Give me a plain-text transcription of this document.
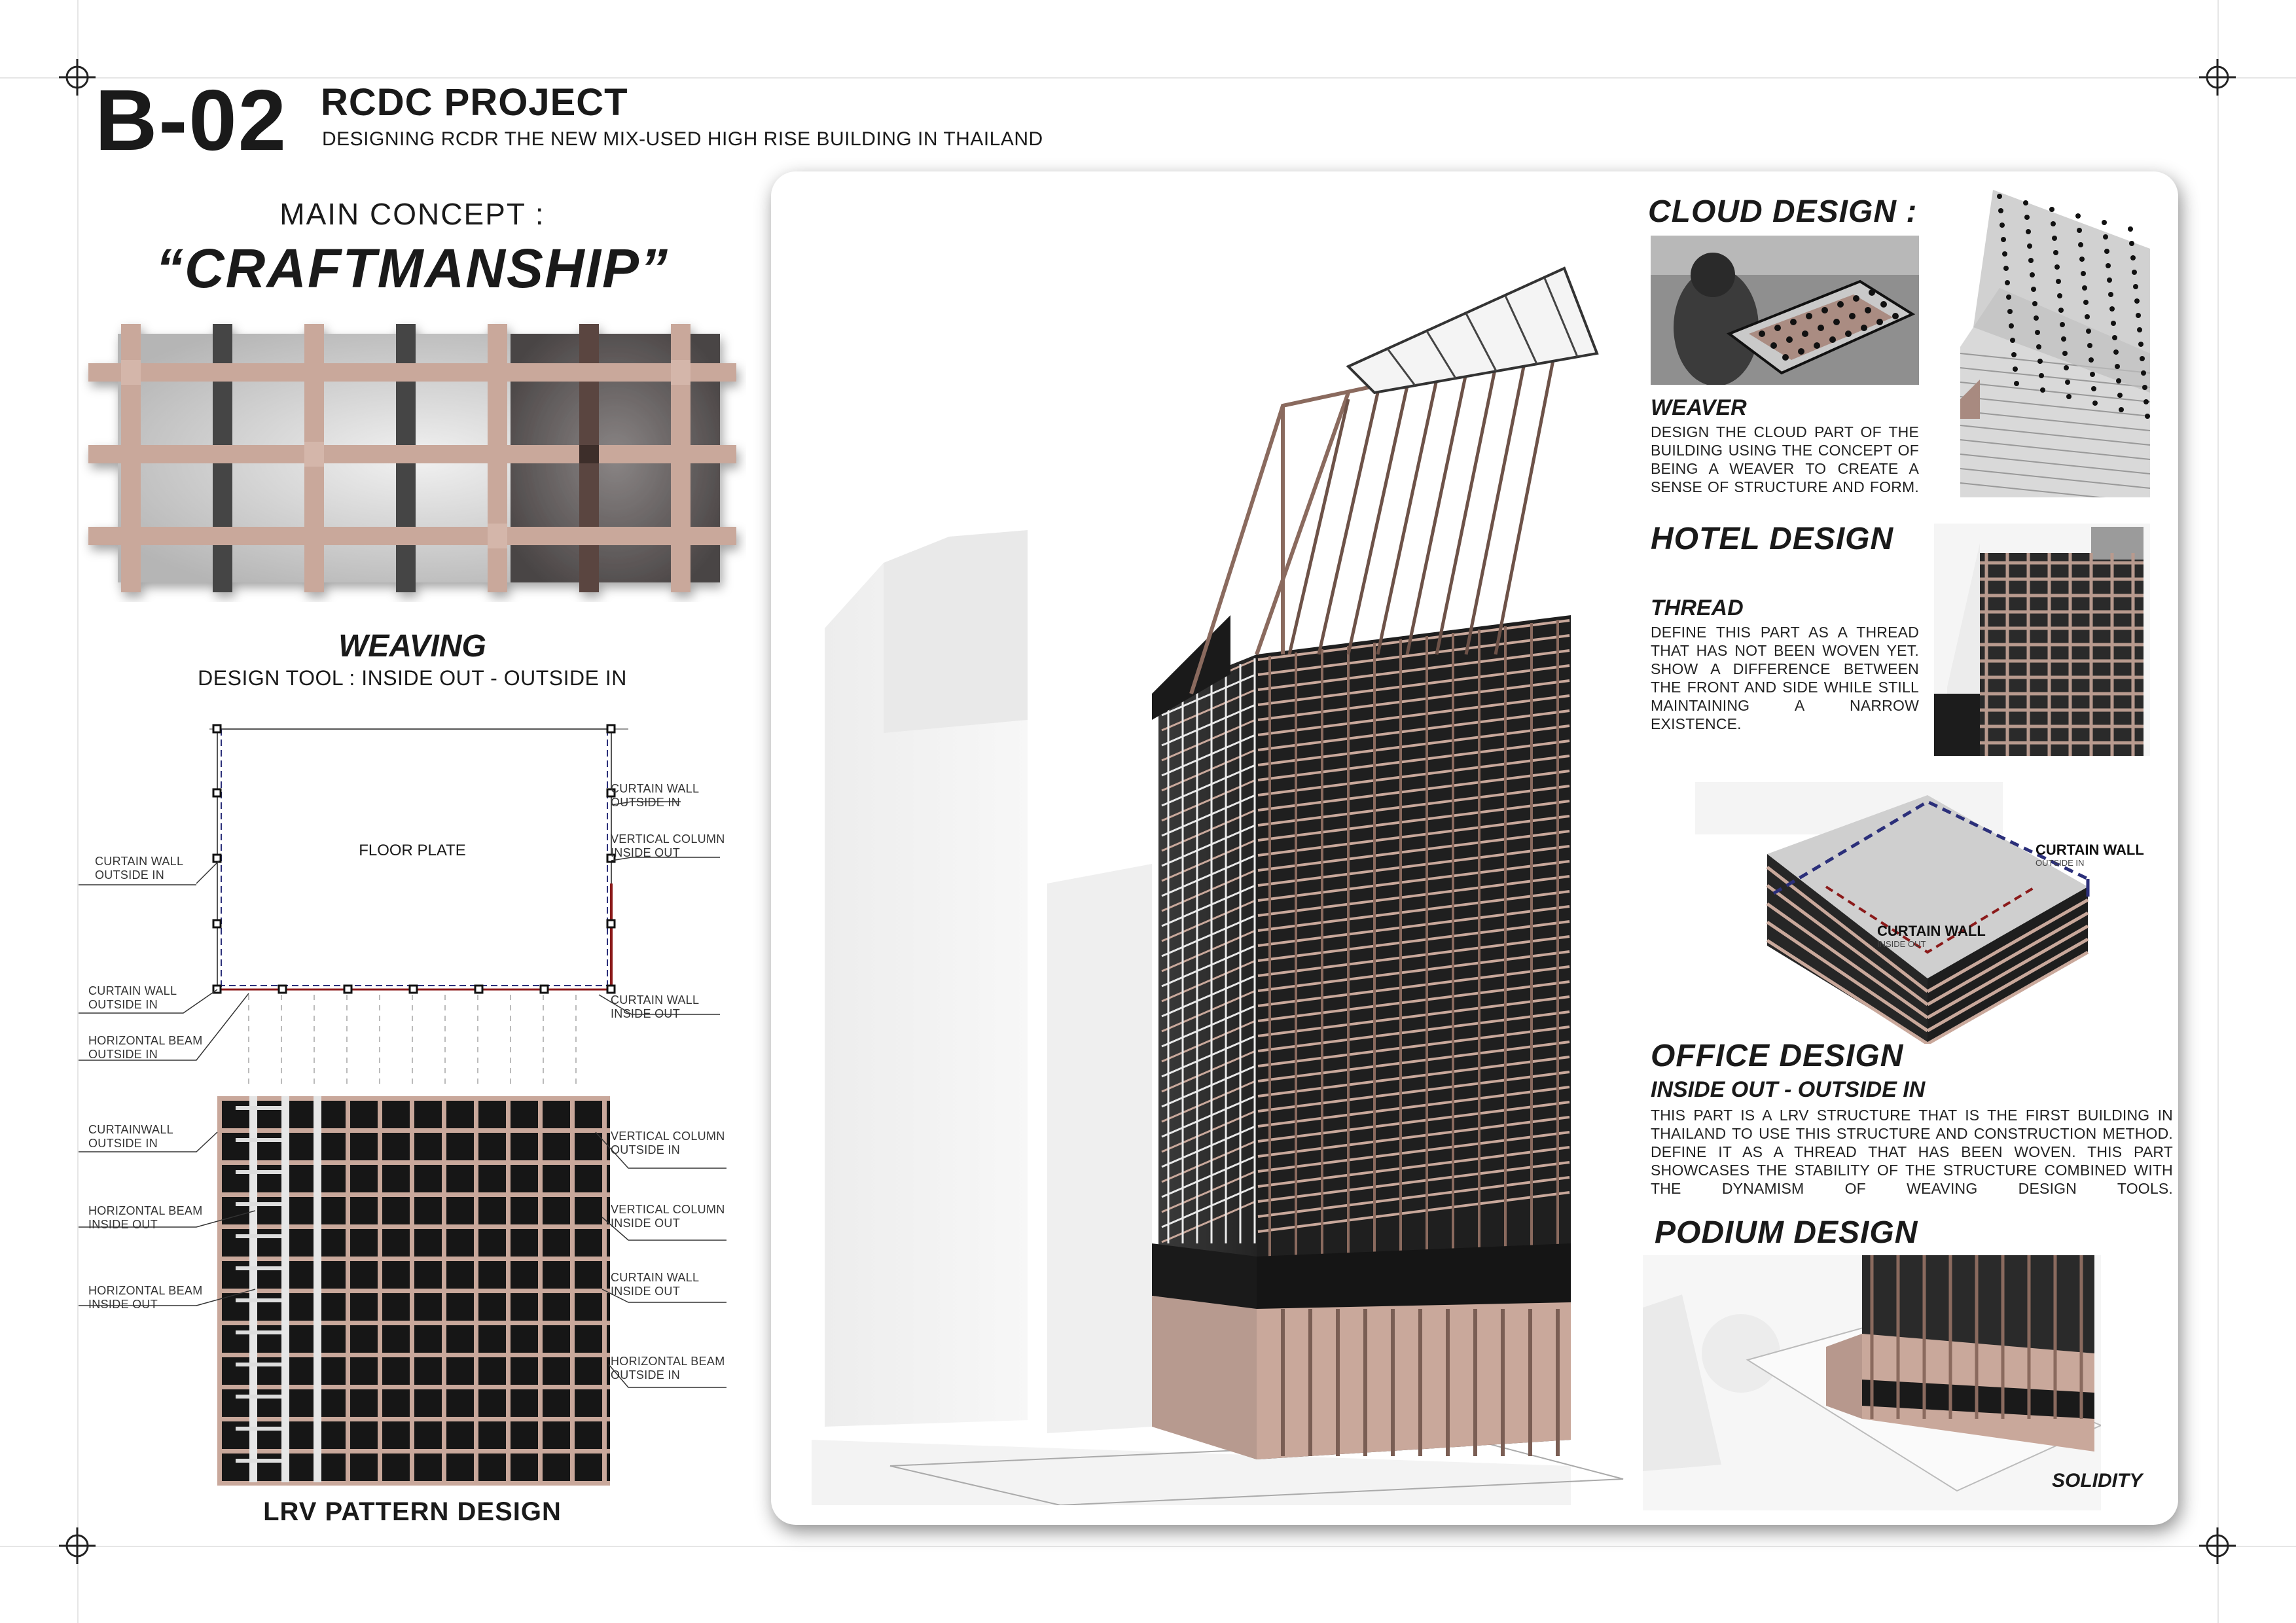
B-02 RCDC PROJECT
DESIGNING RCDR THE NEW MIX-USED HIGH RISE BUILDING IN THAILAND
MAIN CONCEPT :
“CRAFTMANSHIP”
WEAVING
DESIGN TOOL : INSIDE OUT - OUTSIDE IN
FLOOR PLATE
CURTAIN WALL
OUTSIDE IN
VERTICAL COLUMN
INSIDE OUT
CURTAIN WALL
OUTSIDE IN
CURTAIN WALL
OUTSIDE IN
HORIZONTAL BEAM
OUTSIDE IN
CURTAIN WALL
INSIDE OUT
CURTAINWALL
OUTSIDE IN
HORIZONTAL BEAM
INSIDE OUT
HORIZONTAL BEAM
INSIDE OUT
VERTICAL COLUMN
OUTSIDE IN
VERTICAL COLUMN
INSIDE OUT
CURTAIN WALL
INSIDE OUT
HORIZONTAL BEAM
OUTSIDE IN
LRV PATTERN DESIGN
CLOUD DESIGN :
WEAVER
DESIGN THE CLOUD PART OF THE BUILDING USING THE CONCEPT OF BEING A WEAVER TO CREATE A SENSE OF STRUCTURE AND FORM.
HOTEL DESIGN
THREAD
DEFINE THIS PART AS A THREAD THAT HAS NOT BEEN WOVEN YET. SHOW A DIFFERENCE BETWEEN THE FRONT AND SIDE WHILE STILL MAINTAINING A NARROW EXISTENCE.
CURTAIN WALL
OUTSIDE IN
CURTAIN WALL
INSIDE OUT
OFFICE DESIGN
INSIDE OUT - OUTSIDE IN
THIS PART IS A LRV STRUCTURE THAT IS THE FIRST BUILDING IN THAILAND TO USE THIS STRUCTURE AND CONSTRUCTION METHOD. DEFINE IT AS A THREAD THAT HAS BEEN WOVEN. THIS PART SHOWCASES THE STABILITY OF THE STRUCTURE COMBINED WITH THE DYNAMISM OF WEAVING DESIGN TOOLS.
PODIUM DESIGN
SOLIDITY
